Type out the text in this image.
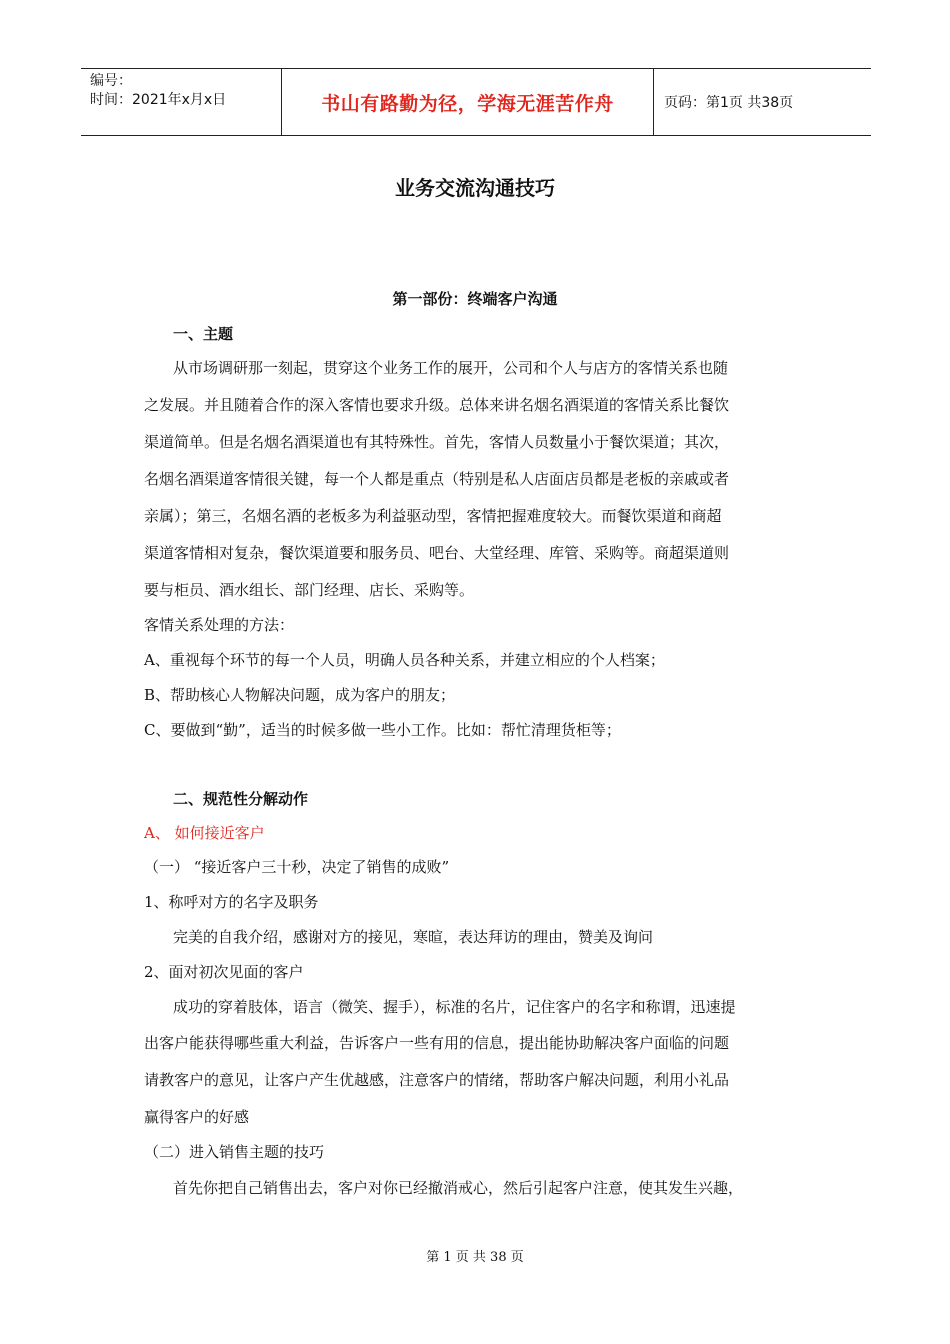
编号：
时间：2021年x月x日	书山有路勤为径，学海无涯苦作舟	页码：第1页 共38页
业务交流沟通技巧
第一部份：终端客户沟通
一、主题
从市场调研那一刻起，贯穿这个业务工作的展开，公司和个人与店方的客情关系也随
之发展。并且随着合作的深入客情也要求升级。总体来讲名烟名酒渠道的客情关系比餐饮
渠道简单。但是名烟名酒渠道也有其特殊性。首先，客情人员数量小于餐饮渠道；其次，
名烟名酒渠道客情很关键，每一个人都是重点（特别是私人店面店员都是老板的亲戚或者
亲属）；第三，名烟名酒的老板多为利益驱动型，客情把握难度较大。而餐饮渠道和商超
渠道客情相对复杂，餐饮渠道要和服务员、吧台、大堂经理、库管、采购等。商超渠道则
要与柜员、酒水组长、部门经理、店长、采购等。
客情关系处理的方法：
A、重视每个环节的每一个人员，明确人员各种关系，并建立相应的个人档案；
B、帮助核心人物解决问题，成为客户的朋友；
C、要做到“勤”，适当的时候多做一些小工作。比如：帮忙清理货柜等；
二、规范性分解动作
A、 如何接近客户
（一） “接近客户三十秒，决定了销售的成败”
1、称呼对方的名字及职务
完美的自我介绍，感谢对方的接见，寒暄，表达拜访的理由，赞美及询问
2、面对初次见面的客户
成功的穿着肢体，语言（微笑、握手），标准的名片，记住客户的名字和称谓，迅速提
出客户能获得哪些重大利益，告诉客户一些有用的信息，提出能协助解决客户面临的问题
请教客户的意见，让客户产生优越感，注意客户的情绪，帮助客户解决问题，利用小礼品
赢得客户的好感
（二）进入销售主题的技巧
首先你把自己销售出去，客户对你已经撤消戒心，然后引起客户注意，使其发生兴趣，
第 1 页 共 38 页
